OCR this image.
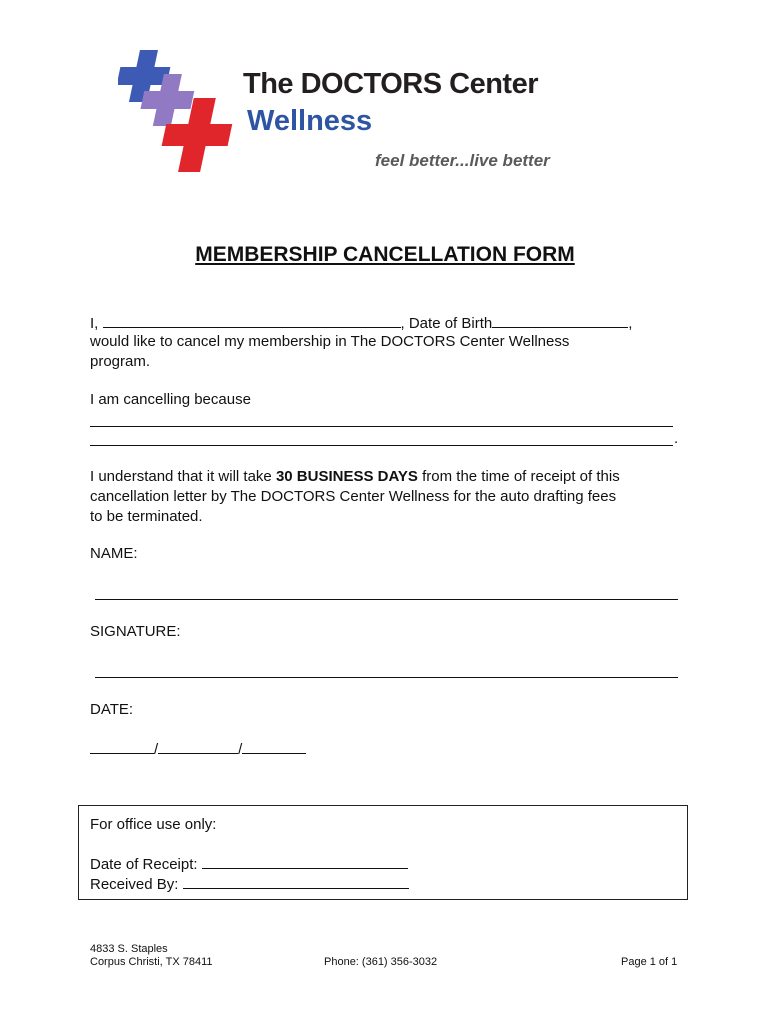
The DOCTORS Center
Wellness
feel better...live better
MEMBERSHIP CANCELLATION FORM
I,	, Date of Birth	,
would like to cancel my membership in The DOCTORS Center Wellness
program.
I am cancelling because
.
I understand that it will take 30 BUSINESS DAYS from the time of receipt of this
cancellation letter by The DOCTORS Center Wellness for the auto drafting fees
to be terminated.
NAME:
SIGNATURE:
DATE:
/	/
For office use only:
Date of Receipt:
Received By:
4833 S. Staples
Corpus Christi, TX 78411	Phone: (361) 356-3032	Page 1 of 1
